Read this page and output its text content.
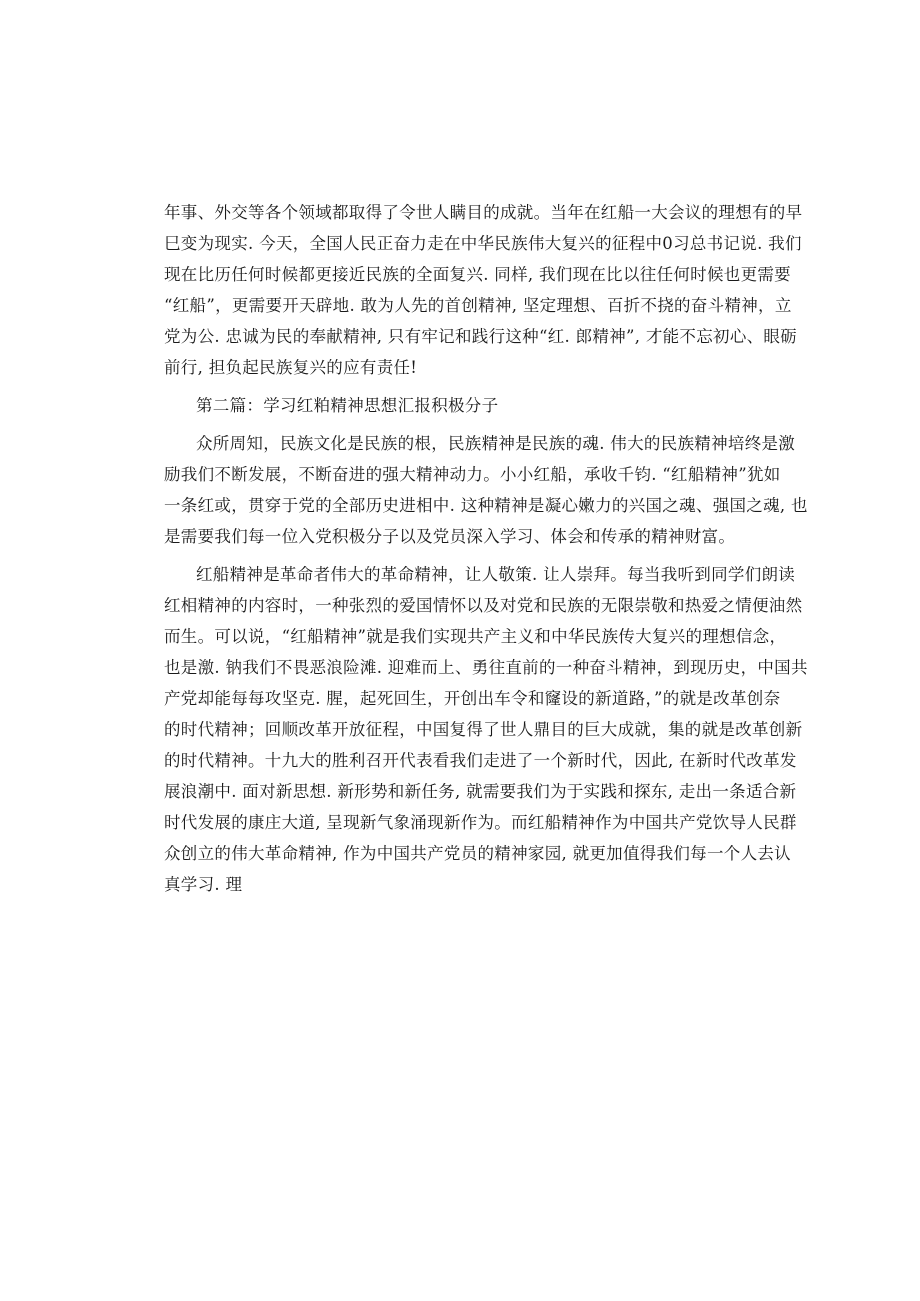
年事、外交等各个领域都取得了令世人瞒目的成就。当年在红船一大会议的理想有的早
巳变为现实. 今天，全国人民正奋力走在中华民族伟大复兴的征程中0习总书记说. 我们
现在比历任何时候都更接近民族的全面复兴. 同样, 我们现在比以往任何时候也更需要
“红船”，更需要开天辟地. 敢为人先的首创精神, 坚定理想、百折不挠的奋斗精神，立
党为公. 忠诚为民的奉献精神, 只有牢记和践行这种“红. 郎精神”, 才能不忘初心、眼砺
前行, 担负起民族复兴的应有责任!
第二篇：学习红粕精神思想汇报积极分子
众所周知，民族文化是民族的根，民族精神是民族的魂. 伟大的民族精神培终是激
励我们不断发展，不断奋进的强大精神动力。小小红船，承收千钧. “红船精神”犹如
一条红或，贯穿于党的全部历史进相中. 这种精神是凝心嫩力的兴国之魂、强国之魂, 也
是需要我们每一位入党积极分子以及党员深入学习、体会和传承的精神财富。
红船精神是革命者伟大的革命精神，让人敬策. 让人崇拜。每当我听到同学们朗读
红相精神的内容时，一种张烈的爱国情怀以及对党和民族的无限崇敬和热爱之情便油然
而生。可以说，“红船精神”就是我们实现共产主义和中华民族传大复兴的理想信念，
也是激. 钠我们不畏恶浪险滩. 迎难而上、勇往直前的一种奋斗精神，到现历史，中国共
产党却能每每攻坚克. 腥，起死回生，开创出车令和窿设的新道路，”的就是改革创奈
的时代精神；回顺改革开放征程，中国复得了世人鼎目的巨大成就，集的就是改革创新
的时代精神。十九大的胜利召开代表看我们走进了一个新时代，因此, 在新时代改革发
展浪潮中. 面对新思想. 新形势和新任务, 就需要我们为于实践和探东, 走出一条适合新
时代发展的康庄大道, 呈现新气象涌现新作为。而红船精神作为中国共产党饮导人民群
众创立的伟大革命精神, 作为中国共产党员的精神家园, 就更加值得我们每一个人去认
真学习. 理
